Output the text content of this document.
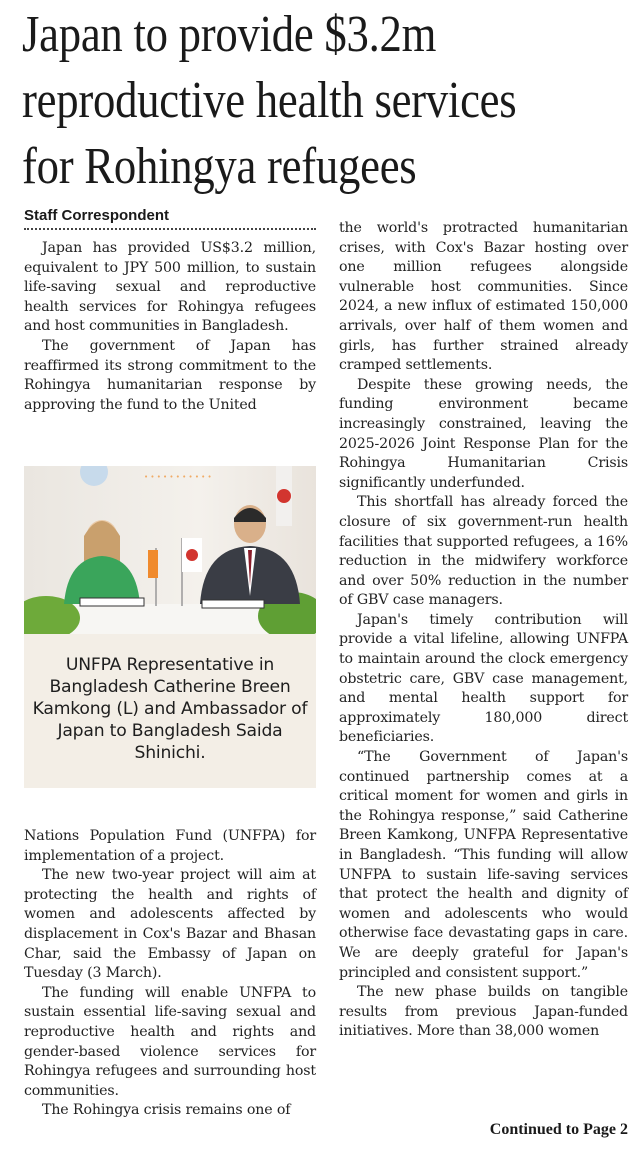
Japan to provide $3.2m
reproductive health services
for Rohingya refugees
Staff Correspondent

Japan has provided US$3.2 million, equivalent to JPY 500 million, to sustain life-saving sexual and reproductive health services for Rohingya refugees and host communities in Bangladesh.

The government of Japan has reaffirmed its strong commitment to the Rohingya humanitarian response by approving the fund to the United

• • • • • • • • • • •
UNFPA Representative in Bangladesh Catherine Breen Kamkong (L) and Ambassador of Japan to Bangladesh Saida Shinichi.

Nations Population Fund (UNFPA) for implementation of a project.

The new two-year project will aim at protecting the health and rights of women and adolescents affected by displacement in Cox's Bazar and Bhasan Char, said the Embassy of Japan on Tuesday (3 March).

The funding will enable UNFPA to sustain essential life-saving sexual and reproductive health and rights and gender-based violence services for Rohingya refugees and surrounding host communities.

The Rohingya crisis remains one of

the world's protracted humanitarian crises, with Cox's Bazar hosting over one million refugees alongside vulnerable host communities. Since 2024, a new influx of estimated 150,000 arrivals, over half of them women and girls, has further strained already cramped settlements.

Despite these growing needs, the funding environment became increasingly constrained, leaving the 2025-2026 Joint Response Plan for the Rohingya Humanitarian Crisis significantly underfunded.

This shortfall has already forced the closure of six government-run health facilities that supported refugees, a 16% reduction in the midwifery workforce and over 50% reduction in the number of GBV case managers.

Japan's timely contribution will provide a vital lifeline, allowing UNFPA to maintain around the clock emergency obstetric care, GBV case management, and mental health support for approximately 180,000 direct beneficiaries.

“The Government of Japan's continued partnership comes at a critical moment for women and girls in the Rohingya response,” said Catherine Breen Kamkong, UNFPA Representative in Bangladesh. “This funding will allow UNFPA to sustain life-saving services that protect the health and dignity of women and adolescents who would otherwise face devastating gaps in care. We are deeply grateful for Japan's principled and consistent support.”

The new phase builds on tangible results from previous Japan-funded initiatives. More than 38,000 women

Continued to Page 2
